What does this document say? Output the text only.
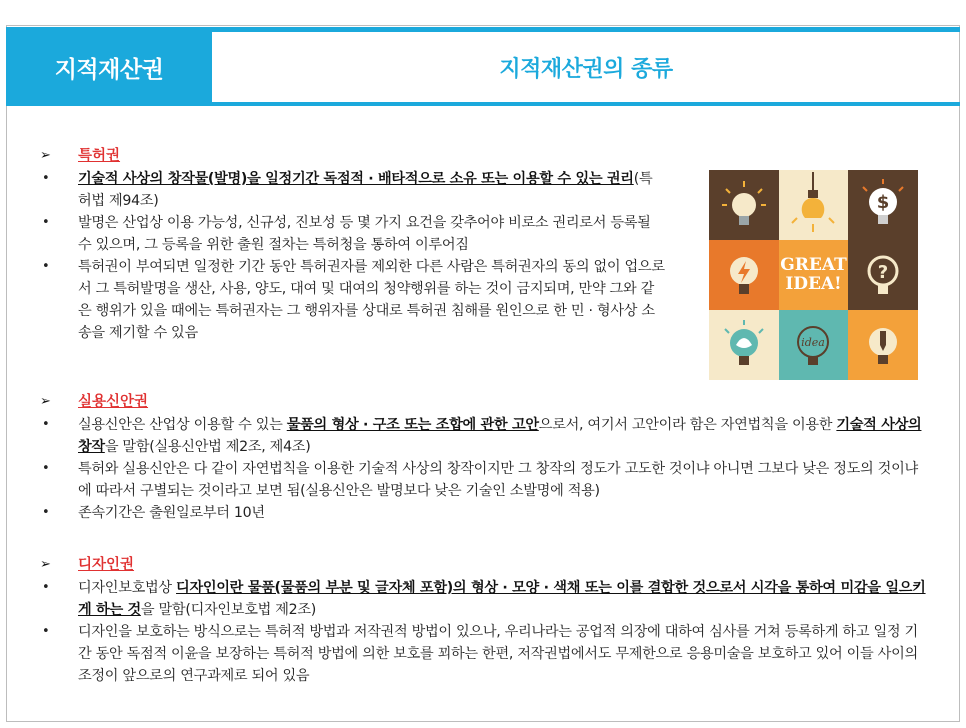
지적재산권	지적재산권의 종류
➢	특허권
•	기술적 사상의 창작물(발명)을 일정기간 독점적 · 배타적으로 소유 또는 이용할 수 있는 권리(특허법 제94조)
•	발명은 산업상 이용 가능성, 신규성, 진보성 등 몇 가지 요건을 갖추어야 비로소 권리로서 등록될 수 있으며, 그 등록을 위한 출원 절차는 특허청을 통하여 이루어짐
•	특허권이 부여되면 일정한 기간 동안 특허권자를 제외한 다른 사람은 특허권자의 동의 없이 업으로서 그 특허발명을 생산, 사용, 양도, 대여 및 대여의 청약행위를 하는 것이 금지되며, 만약 그와 같은 행위가 있을 때에는 특허권자는 그 행위자를 상대로 특허권 침해를 원인으로 한 민 · 형사상 소송을 제기할 수 있음
➢	실용신안권
•	실용신안은 산업상 이용할 수 있는 물품의 형상 · 구조 또는 조합에 관한 고안으로서, 여기서 고안이라 함은 자연법칙을 이용한 기술적 사상의 창작을 말함(실용신안법 제2조, 제4조)
•	특허와 실용신안은 다 같이 자연법칙을 이용한 기술적 사상의 창작이지만 그 창작의 정도가 고도한 것이냐 아니면 그보다 낮은 정도의 것이냐에 따라서 구별되는 것이라고 보면 됨(실용신안은 발명보다 낮은 기술인 소발명에 적용)
•	존속기간은 출원일로부터 10년
➢	디자인권
•	디자인보호법상 디자인이란 물품(물품의 부분 및 글자체 포함)의 형상 · 모양 · 색채 또는 이를 결합한 것으로서 시각을 통하여 미감을 일으키게 하는 것을 말함(디자인보호법 제2조)
•	디자인을 보호하는 방식으로는 특허적 방법과 저작권적 방법이 있으나, 우리나라는 공업적 의장에 대하여 심사를 거쳐 등록하게 하고 일정 기간 동안 독점적 이윤을 보장하는 특허적 방법에 의한 보호를 꾀하는 한편, 저작권법에서도 무제한으로 응용미술을 보호하고 있어 이들 사이의 조정이 앞으로의 연구과제로 되어 있음
$
GREAT
IDEA!
?
idea
